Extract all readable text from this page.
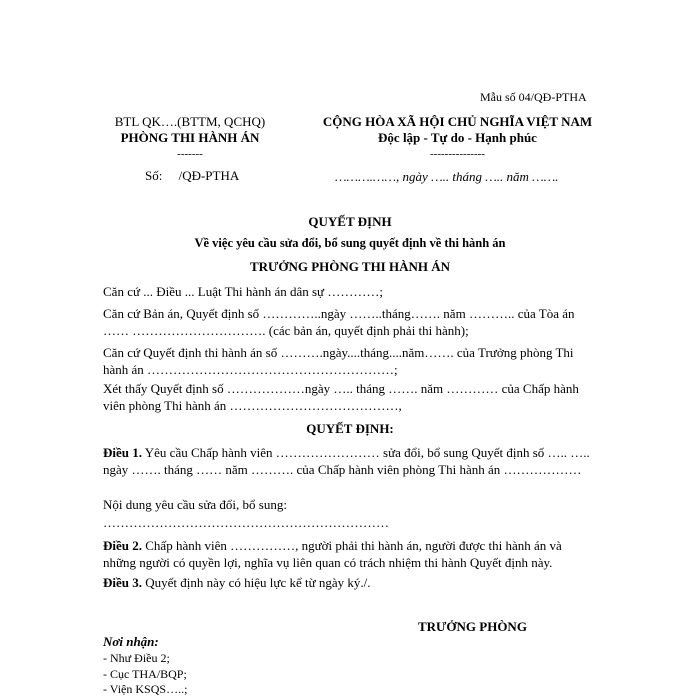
Mẫu số 04/QĐ-PTHA
BTL QK….(BTTM, QCHQ)
PHÒNG THI HÀNH ÁN
-------
CỘNG HÒA XÃ HỘI CHỦ NGHĨA VIỆT NAM
Độc lập - Tự do - Hạnh phúc
---------------
Số:     /QĐ-PTHA	……….……, ngày ….. tháng ….. năm …….
QUYẾT ĐỊNH
Về việc yêu cầu sửa đổi, bổ sung quyết định về thi hành án
TRƯỞNG PHÒNG THI HÀNH ÁN
Căn cứ ... Điều ... Luật Thi hành án dân sự …………;
Căn cứ Bản án, Quyết định số …………..ngày ……..tháng……. năm ……….. của Tòa án …… …………………………. (các bản án, quyết định phải thi hành);
Căn cứ Quyết định thi hành án số ……….ngày....tháng....năm……. của Trưởng phòng Thi hành án …………………………………………………;
Xét thấy Quyết định số ………………ngày ….. tháng ……. năm ………… của Chấp hành viên phòng Thi hành án …………………………………,
QUYẾT ĐỊNH:
Điều 1. Yêu cầu Chấp hành viên …………………… sửa đổi, bổ sung Quyết định số ….. ….. ngày ……. tháng …… năm ………. của Chấp hành viên phòng Thi hành án ………………
Nội dung yêu cầu sửa đổi, bổ sung:
…………………………………………………………
Điều 2. Chấp hành viên ……………, người phải thi hành án, người được thi hành án và những người có quyền lợi, nghĩa vụ liên quan có trách nhiệm thi hành Quyết định này.
Điều 3. Quyết định này có hiệu lực kể từ ngày ký./.
TRƯỞNG PHÒNG
Nơi nhận:
- Như Điều 2;
- Cục THA/BQP;
- Viện KSQS…..;
